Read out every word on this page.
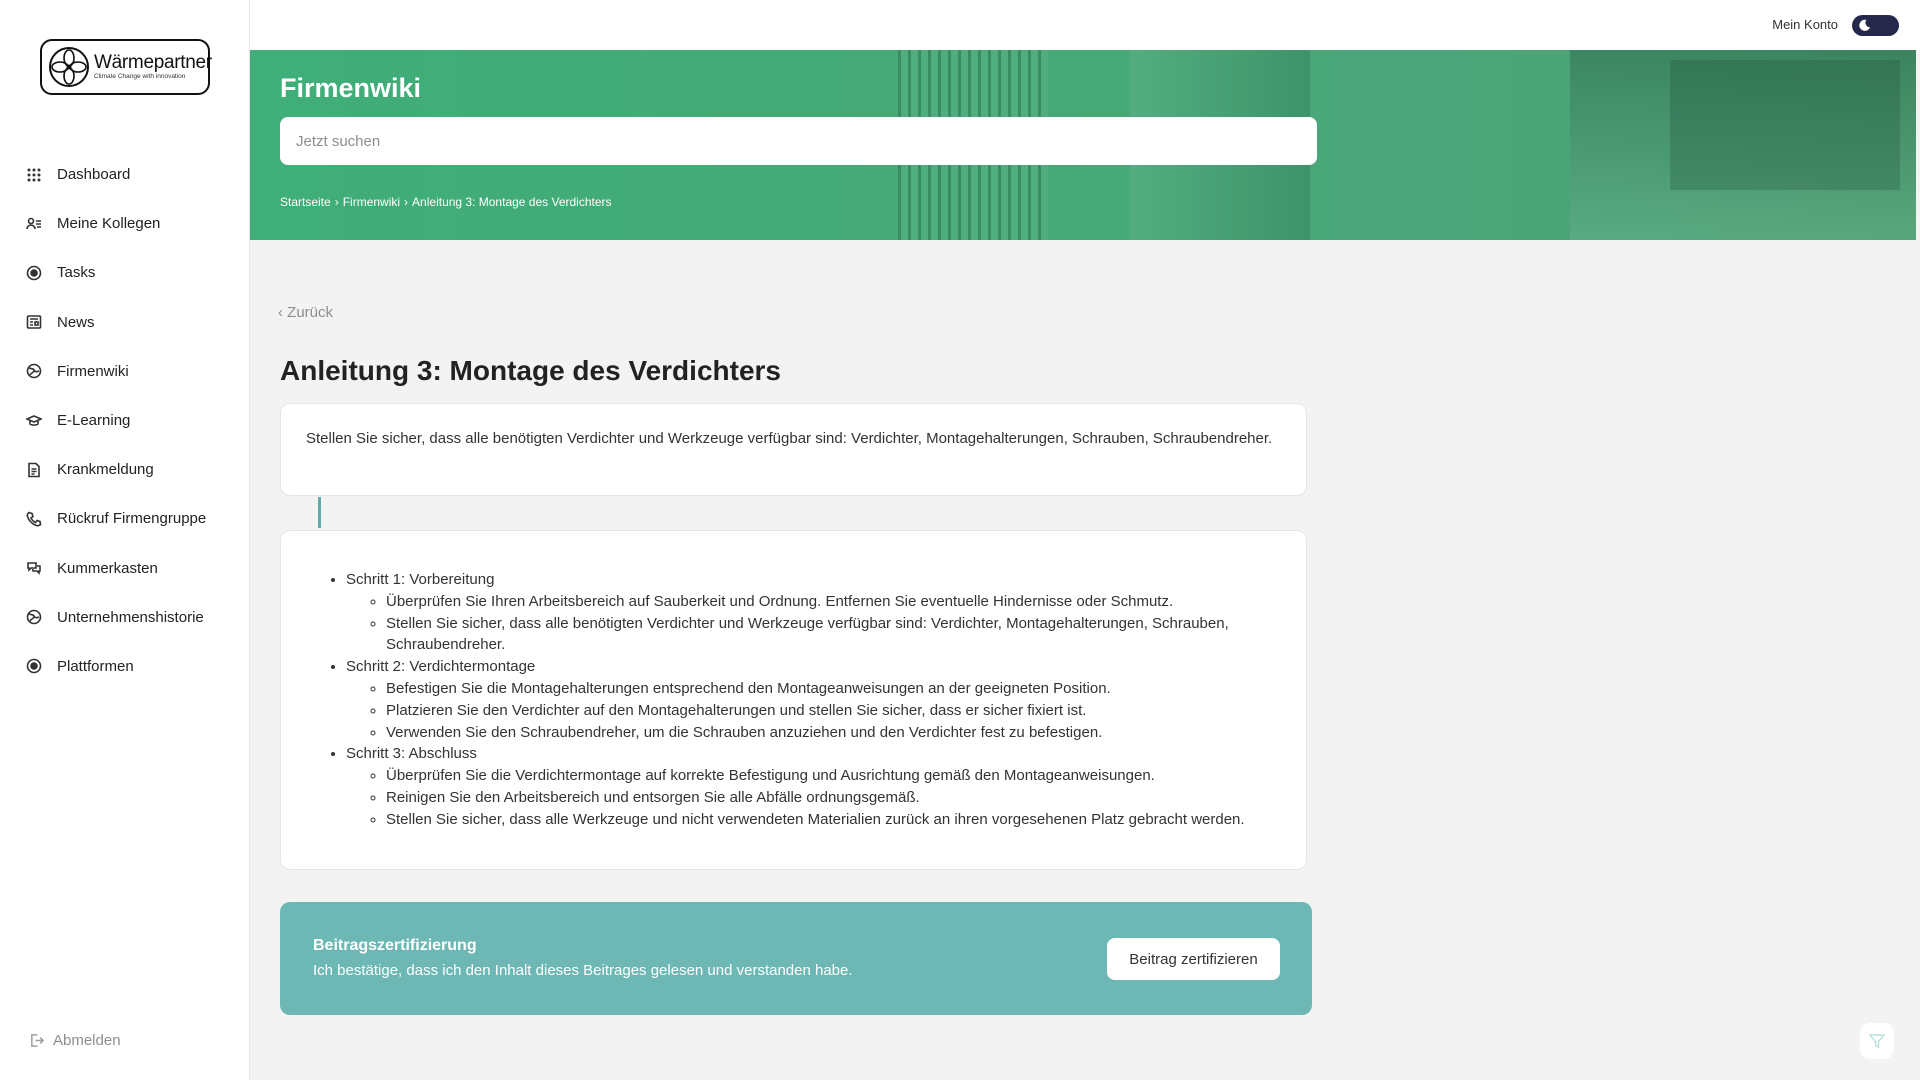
Wärmepartner
Climate Change with innovation
Dashboard
Meine Kollegen
Tasks
News
Firmenwiki
E-Learning
Krankmeldung
Rückruf Firmengruppe
Kummerkasten
Unternehmenshistorie
Plattformen
Abmelden
Mein Konto
Firmenwiki
Jetzt suchen
Startseite › Firmenwiki › Anleitung 3: Montage des Verdichters
‹ Zurück
Anleitung 3: Montage des Verdichters

Stellen Sie sicher, dass alle benötigten Verdichter und Werkzeuge verfügbar sind: Verdichter, Montagehalterungen, Schrauben, Schraubendreher.

• Schritt 1: Vorbereitung
◦ Überprüfen Sie Ihren Arbeitsbereich auf Sauberkeit und Ordnung. Entfernen Sie eventuelle Hindernisse oder Schmutz.
◦ Stellen Sie sicher, dass alle benötigten Verdichter und Werkzeuge verfügbar sind: Verdichter, Montagehalterungen, Schrauben, Schraubendreher.
• Schritt 2: Verdichtermontage
◦ Befestigen Sie die Montagehalterungen entsprechend den Montageanweisungen an der geeigneten Position.
◦ Platzieren Sie den Verdichter auf den Montagehalterungen und stellen Sie sicher, dass er sicher fixiert ist.
◦ Verwenden Sie den Schraubendreher, um die Schrauben anzuziehen und den Verdichter fest zu befestigen.
• Schritt 3: Abschluss
◦ Überprüfen Sie die Verdichtermontage auf korrekte Befestigung und Ausrichtung gemäß den Montageanweisungen.
◦ Reinigen Sie den Arbeitsbereich und entsorgen Sie alle Abfälle ordnungsgemäß.
◦ Stellen Sie sicher, dass alle Werkzeuge und nicht verwendeten Materialien zurück an ihren vorgesehenen Platz gebracht werden.
Beitragszertifizierung
Ich bestätige, dass ich den Inhalt dieses Beitrages gelesen und verstanden habe.
Beitrag zertifizieren
